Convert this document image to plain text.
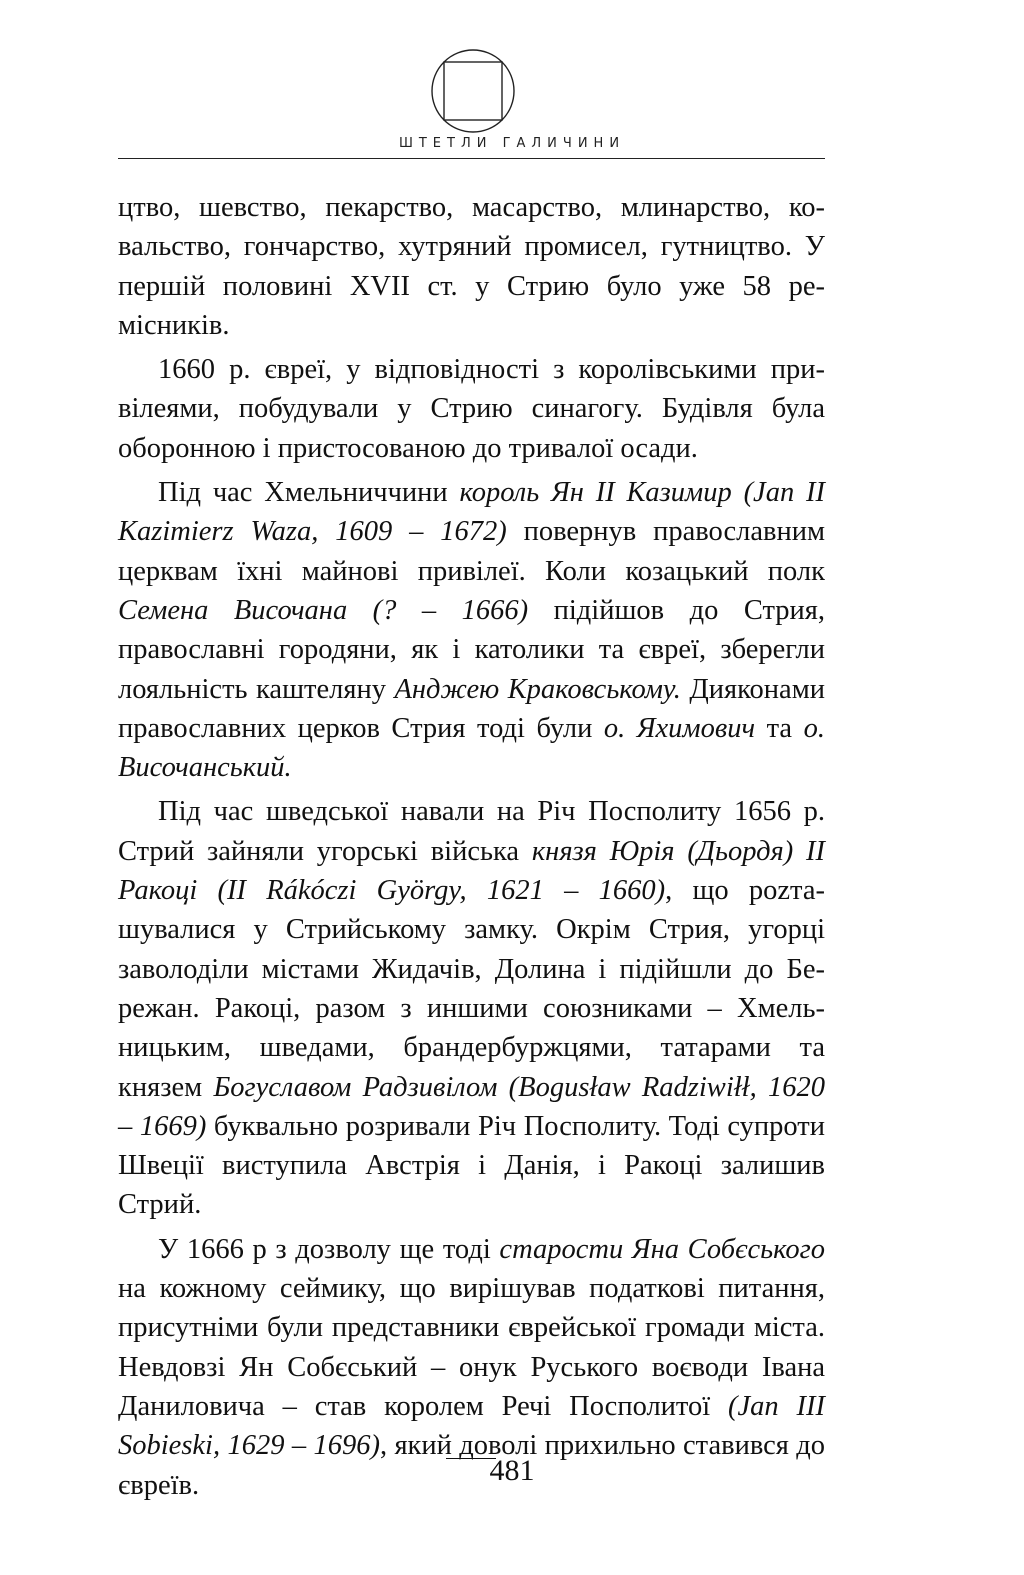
ШТЕТЛИ ГАЛИЧИНИ

цтво, шевство, пекарство, масарство, млинарство, ковальство, гончарство, хутряний промисел, гутництво. У першій половині XVII ст. у Стрию було уже 58 ремісників.

1660 р. євреї, у відповідності з королівськими привілеями, побудували у Стрию синагогу. Будівля була оборонною і пристосованою до тривалої осади.

Під час Хмельниччини король Ян ІІ Казимир (Jan II Kazimierz Waza, 1609 – 1672) повернув православним церквам їхні майнові привілеї. Коли козацький полк Семена Височана (? – 1666) підійшов до Стрия, православні городяни, як і католики та євреї, зберегли лояльність каштеляну Анджею Краковському. Дияконами православних церков Стрия тоді були о. Яхимович та о. Височанський.

Під час шведської навали на Річ Посполиту 1656 р. Стрий зайняли угорські війська князя Юрія (Дьордя) ІІ Ракоці (II Rákóczi György, 1621 – 1660), що роzташувалися у Стрийському замку. Окрім Стрия, угорці заволоділи містами Жидачів, Долина і підійшли до Бережан. Ракоці, разом з иншими союзниками – Хмельницьким, шведами, брандербуржцями, татарами та князем Богуславом Радзивілом (Bogusław Radziwiłł, 1620 – 1669) буквально розривали Річ Посполиту. Тоді супроти Швеції виступила Австрія і Данія, і Ракоці залишив Стрий.

У 1666 р з дозволу ще тоді старости Яна Собєського на кожному сеймику, що вирішував податкові питання, присутніми були представники єврейської громади міста. Невдовзі Ян Собєський – онук Руського воєводи Івана Даниловича – став королем Речі Посполитої (Jan III Sobieski, 1629 – 1696), який доволі прихильно ставився до євреїв.	481
